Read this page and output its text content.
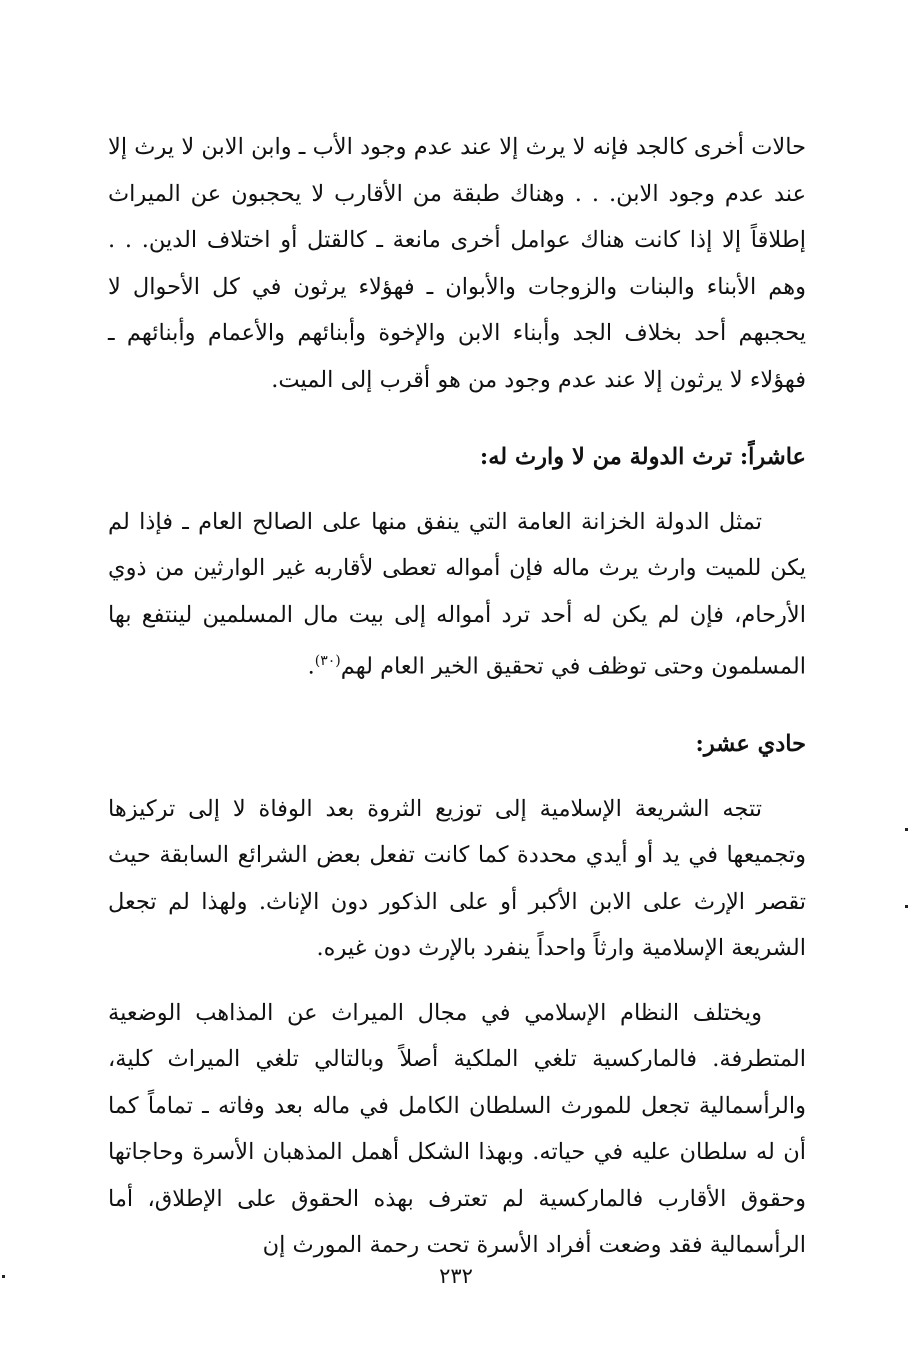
حالات أخرى كالجد فإنه لا يرث إلا عند عدم وجود الأب ـ وابن الابن لا يرث إلا عند عدم وجود الابن. . . وهناك طبقة من الأقارب لا يحجبون عن الميراث إطلاقاً إلا إذا كانت هناك عوامل أخرى مانعة ـ كالقتل أو اختلاف الدين. . . وهم الأبناء والبنات والزوجات والأبوان ـ فهؤلاء يرثون في كل الأحوال لا يحجبهم أحد بخلاف الجد وأبناء الابن والإخوة وأبنائهم والأعمام وأبنائهم ـ فهؤلاء لا يرثون إلا عند عدم وجود من هو أقرب إلى الميت.

عاشراً: ترث الدولة من لا وارث له:

تمثل الدولة الخزانة العامة التي ينفق منها على الصالح العام ـ فإذا لم يكن للميت وارث يرث ماله فإن أمواله تعطى لأقاربه غير الوارثين من ذوي الأرحام، فإن لم يكن له أحد ترد أمواله إلى بيت مال المسلمين لينتفع بها المسلمون وحتى توظف في تحقيق الخير العام لهم$^{(٣٠)}$.

حادي عشر:

تتجه الشريعة الإسلامية إلى توزيع الثروة بعد الوفاة لا إلى تركيزها وتجميعها في يد أو أيدي محددة كما كانت تفعل بعض الشرائع السابقة حيث تقصر الإرث على الابن الأكبر أو على الذكور دون الإناث. ولهذا لم تجعل الشريعة الإسلامية وارثاً واحداً ينفرد بالإرث دون غيره.

ويختلف النظام الإسلامي في مجال الميراث عن المذاهب الوضعية المتطرفة. فالماركسية تلغي الملكية أصلاً وبالتالي تلغي الميراث كلية، والرأسمالية تجعل للمورث السلطان الكامل في ماله بعد وفاته ـ تماماً كما أن له سلطان عليه في حياته. وبهذا الشكل أهمل المذهبان الأسرة وحاجاتها وحقوق الأقارب فالماركسية لم تعترف بهذه الحقوق على الإطلاق، أما الرأسمالية فقد وضعت أفراد الأسرة تحت رحمة المورث إن

٢٣٢
